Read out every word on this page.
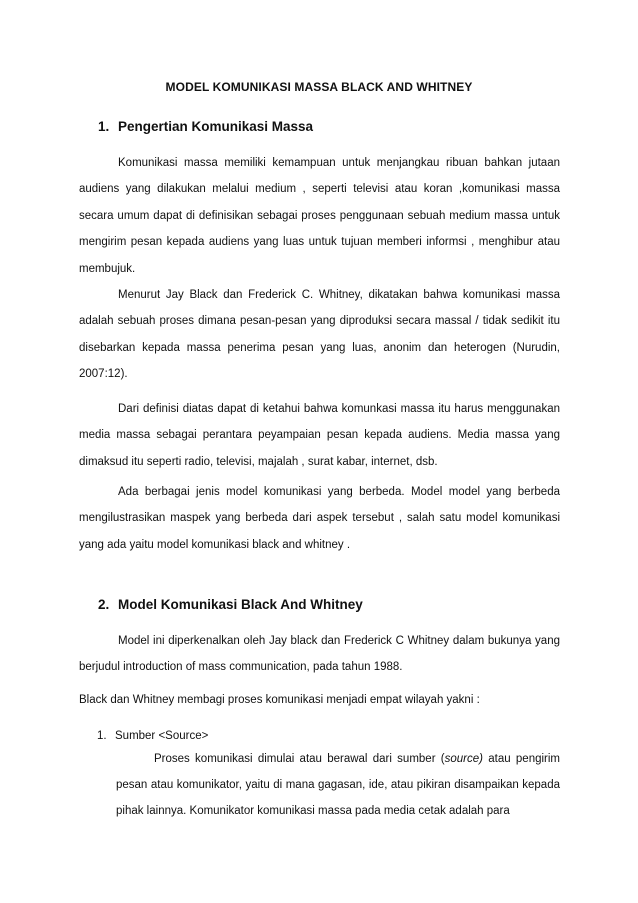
MODEL KOMUNIKASI MASSA BLACK AND WHITNEY
1. Pengertian Komunikasi Massa

Komunikasi massa memiliki kemampuan untuk menjangkau ribuan bahkan jutaan audiens yang dilakukan melalui medium , seperti televisi atau koran ,komunikasi massa secara umum dapat di definisikan sebagai proses penggunaan sebuah medium massa untuk mengirim pesan kepada audiens yang luas untuk tujuan memberi informsi , menghibur atau membujuk.

Menurut Jay Black dan Frederick C. Whitney, dikatakan bahwa komunikasi massa adalah sebuah proses dimana pesan-pesan yang diproduksi secara massal / tidak sedikit itu disebarkan kepada massa penerima pesan yang luas, anonim dan heterogen (Nurudin, 2007:12).

Dari definisi diatas dapat di ketahui bahwa komunkasi massa itu harus menggunakan media massa sebagai perantara peyampaian pesan kepada audiens. Media massa yang dimaksud itu seperti radio, televisi, majalah , surat kabar, internet, dsb.

Ada berbagai jenis model komunikasi yang berbeda. Model model yang berbeda mengilustrasikan maspek yang berbeda dari aspek tersebut , salah satu model komunikasi yang ada yaitu model komunikasi black and whitney .

2. Model Komunikasi Black And Whitney

Model ini diperkenalkan oleh Jay black dan Frederick C Whitney dalam bukunya yang berjudul introduction of mass communication, pada tahun 1988.

Black dan Whitney membagi proses komunikasi menjadi empat wilayah yakni :

1. Sumber <Source>

Proses komunikasi dimulai atau berawal dari sumber (source) atau pengirim pesan atau komunikator, yaitu di mana gagasan, ide, atau pikiran disampaikan kepada pihak lainnya. Komunikator komunikasi massa pada media cetak adalah para
